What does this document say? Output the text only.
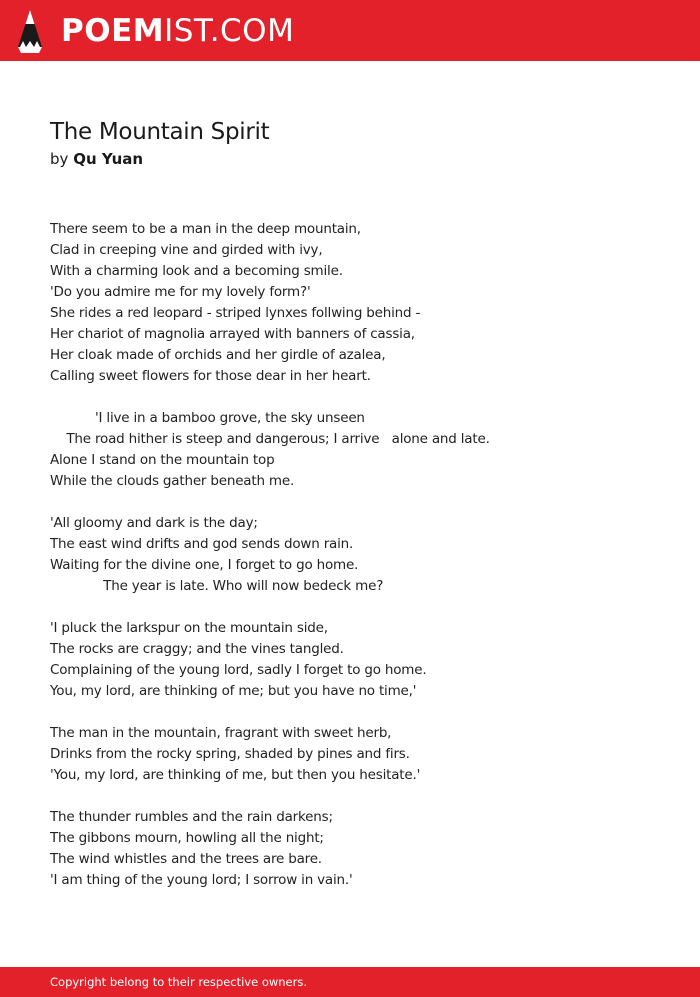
POEMIST.COM
The Mountain Spirit
by Qu Yuan
There seem to be a man in the deep mountain,
Clad in creeping vine and girded with ivy,
With a charming look and a becoming smile.
'Do you admire me for my lovely form?'
She rides a red leopard - striped lynxes follwing behind -
Her chariot of magnolia arrayed with banners of cassia,
Her cloak made of orchids and her girdle of azalea,
Calling sweet flowers for those dear in her heart.
'I live in a bamboo grove, the sky unseen
The road hither is steep and dangerous; I arrive   alone and late.
Alone I stand on the mountain top
While the clouds gather beneath me.
'All gloomy and dark is the day;
The east wind drifts and god sends down rain.
Waiting for the divine one, I forget to go home.
The year is late. Who will now bedeck me?
'I pluck the larkspur on the mountain side,
The rocks are craggy; and the vines tangled.
Complaining of the young lord, sadly I forget to go home.
You, my lord, are thinking of me; but you have no time,'
The man in the mountain, fragrant with sweet herb,
Drinks from the rocky spring, shaded by pines and firs.
'You, my lord, are thinking of me, but then you hesitate.'
The thunder rumbles and the rain darkens;
The gibbons mourn, howling all the night;
The wind whistles and the trees are bare.
'I am thing of the young lord; I sorrow in vain.'
Copyright belong to their respective owners.
